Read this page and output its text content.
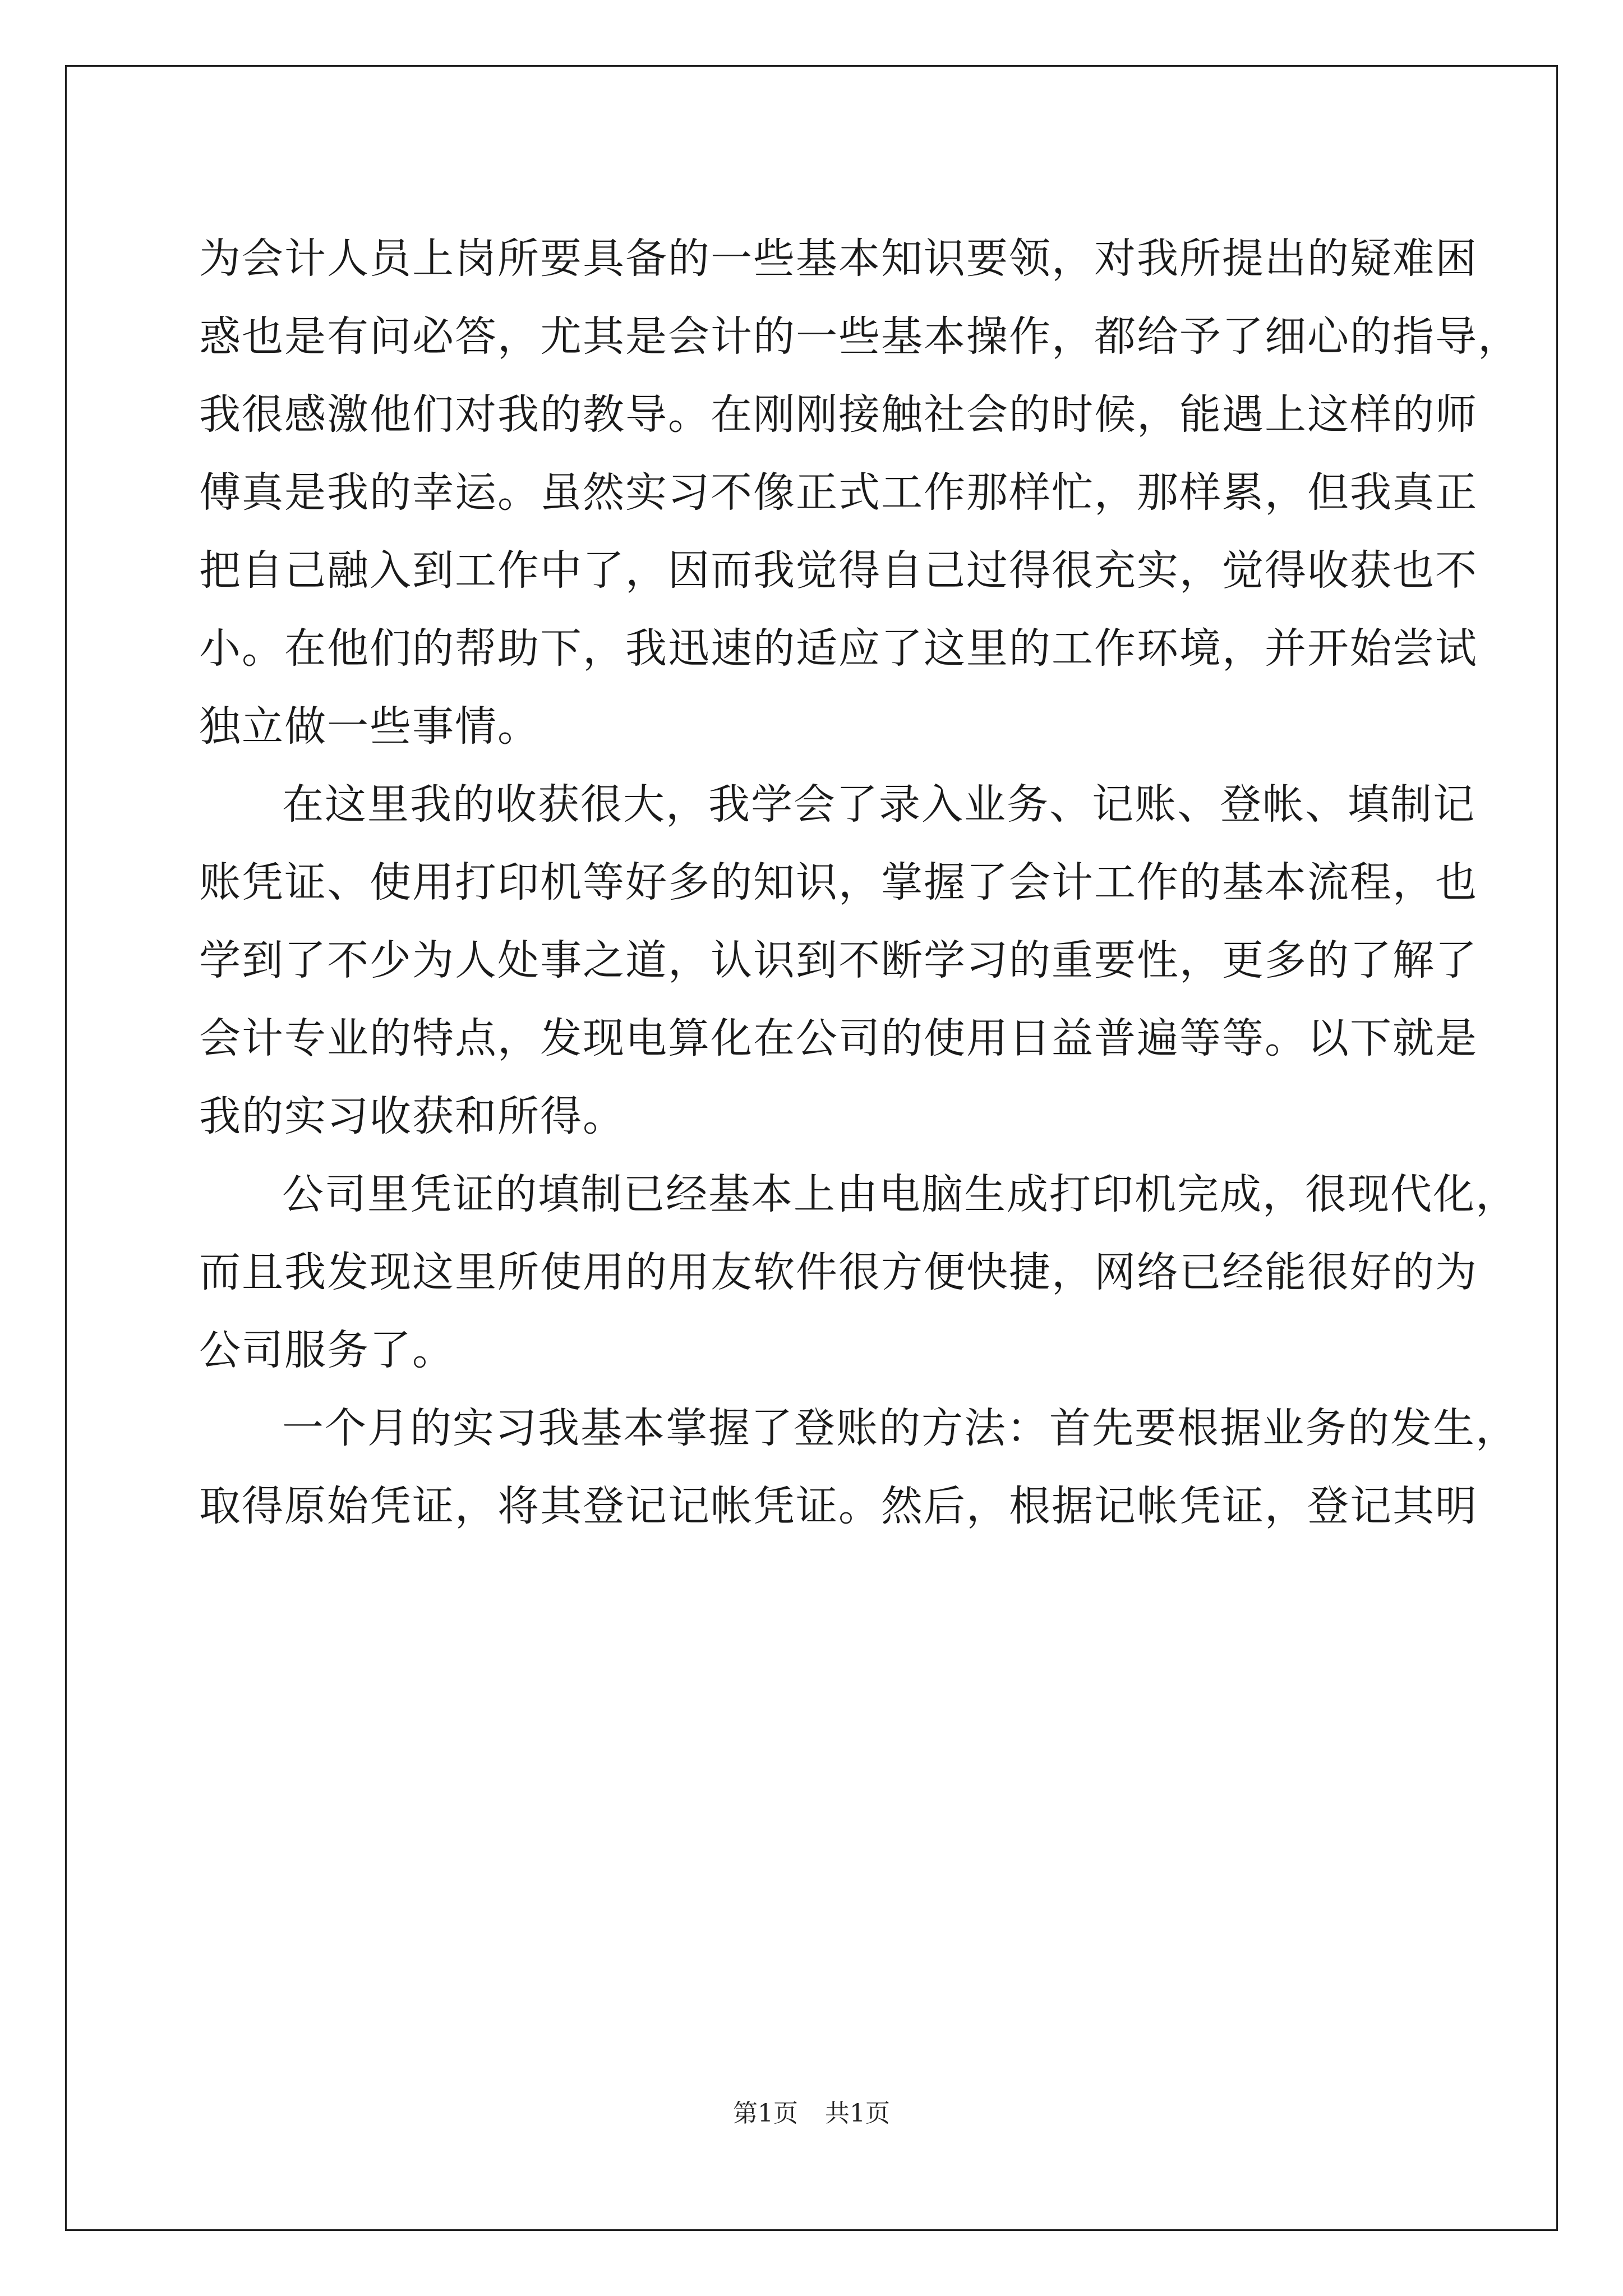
为会计人员上岗所要具备的一些基本知识要领，对我所提出的疑难困
惑也是有问必答，尤其是会计的一些基本操作，都给予了细心的指导，
我很感激他们对我的教导。在刚刚接触社会的时候，能遇上这样的师
傅真是我的幸运。虽然实习不像正式工作那样忙，那样累，但我真正
把自己融入到工作中了，因而我觉得自己过得很充实，觉得收获也不
小。在他们的帮助下，我迅速的适应了这里的工作环境，并开始尝试
独立做一些事情。

在这里我的收获很大，我学会了录入业务、记账、登帐、填制记
账凭证、使用打印机等好多的知识，掌握了会计工作的基本流程，也
学到了不少为人处事之道，认识到不断学习的重要性，更多的了解了
会计专业的特点，发现电算化在公司的使用日益普遍等等。以下就是
我的实习收获和所得。

公司里凭证的填制已经基本上由电脑生成打印机完成，很现代化，
而且我发现这里所使用的用友软件很方便快捷，网络已经能很好的为
公司服务了。

一个月的实习我基本掌握了登账的方法：首先要根据业务的发生，
取得原始凭证，将其登记记帐凭证。然后，根据记帐凭证，登记其明

第1页 共1页
